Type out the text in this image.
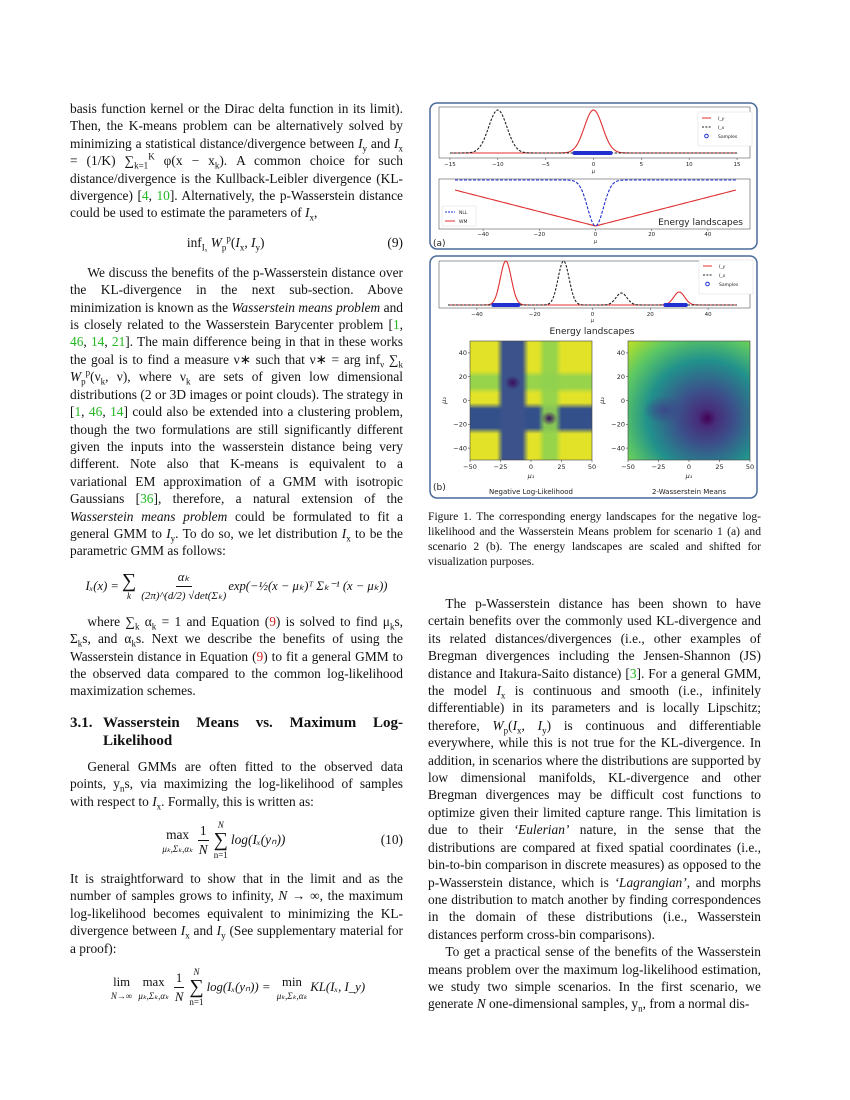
basis function kernel or the Dirac delta function in its limit). Then, the K-means problem can be alternatively solved by minimizing a statistical distance/divergence between $I_y$ and $I_x = (1/K)$ $\sum_{k=1}^K$ $\varphi(x - x_k)$. A common choice for such distance/divergence is the Kullback-Leibler divergence (KL-divergence) [4, 10]. Alternatively, the p-Wasserstein distance could be used to estimate the parameters of $I_x$,

inf$_{I_x}$ $W_p^p(I_x$, $I_y$)	(9)

We discuss the benefits of the p-Wasserstein distance over the KL-divergence in the next sub-section. Above minimization is known as the Wasserstein means problem and is closely related to the Wasserstein Barycenter problem [1, 46, 14, 21]. The main difference being in that in these works the goal is to find a measure ν∗ such that ν∗ = arg inf$_\nu$ $\sum_k$ $W_p^p(\nu_k$, ν), where $\nu_k$ are sets of given low dimensional distributions (2 or 3D images or point clouds). The strategy in [1, 46, 14] could also be extended into a clustering problem, though the two formulations are still significantly different given the inputs into the wasserstein distance being very different. Note also that K-means is equivalent to a variational EM approximation of a GMM with isotropic Gaussians [36], therefore, a natural extension of the Wasserstein means problem could be formulated to fit a general GMM to $I_y$. To do so, we let distribution $I_x$ to be the parametric GMM as follows:

Iₓ(x) = ∑
k $\frac{\text{αₖ}}{\text{(2π)\textasciicircum{}(d/2) √det(Σₖ)}}$ exp(−½(x − μₖ)ᵀ Σₖ⁻¹ (x − μₖ))

where $\sum_k$ $\alpha_k = 1$ and Equation (9) is solved to find $\mu_ks$, $\Sigma_ks$, and $\alpha_ks$. Next we describe the benefits of using the Wasserstein distance in Equation (9) to fit a general GMM to the observed data compared to the common log-likelihood maximization schemes.

3.1. Wasserstein Means vs. Maximum Log-Likelihood

General GMMs are often fitted to the observed data points, $y_ns$, via maximizing the log-likelihood of samples with respect to $I_x$. Formally, this is written as:

max
$\mu_k,\Sigma_k,\alpha_k \frac{1}{N}$ N
∑
n=1
log(Iₓ(yₙ))	(10)

It is straightforward to show that in the limit and as the number of samples grows to infinity, N → ∞, the maximum log-likelihood becomes equivalent to minimizing the KL-divergence between $I_x$ and $I_y$ (See supplementary material for a proof):

lim
N→∞
max
$\mu_k,\Sigma_k,\alpha_k \frac{1}{N}$ N
∑
n=1
log(Iₓ(yₙ)) = min
μₖ,Σₖ,αₖ
KL(Iₓ, I_y)
−15	−10	−5	0	5	10	15
μ
I_y
I_x
Samples
−40	−20	0	20	40
μ
NLL
WM	Energy landscapes
(a)
−40	−20	0	20	40
μ
I_y
I_x
Samples
Energy landscapes
−50
40
−25
20
0
0
25
−20
50
−40
μ₁
μ₂
−50
40
−25
20
0
0
25
−20
50
−40
μ₁
μ₂
(b)	Negative Log-Likelihood	2-Wasserstein Means

Figure 1. The corresponding energy landscapes for the negative log-likelihood and the Wasserstein Means problem for scenario 1 (a) and scenario 2 (b). The energy landscapes are scaled and shifted for visualization purposes.

The p-Wasserstein distance has been shown to have certain benefits over the commonly used KL-divergence and its related distances/divergences (i.e., other examples of Bregman divergences including the Jensen-Shannon (JS) distance and Itakura-Saito distance) [3]. For a general GMM, the model $I_x$ is continuous and smooth (i.e., infinitely differentiable) in its parameters and is locally Lipschitz; therefore, $W_p(I_x$, $I_y$) is continuous and differentiable everywhere, while this is not true for the KL-divergence. In addition, in scenarios where the distributions are supported by low dimensional manifolds, KL-divergence and other Bregman divergences may be difficult cost functions to optimize given their limited capture range. This limitation is due to their ‘Eulerian’ nature, in the sense that the distributions are compared at fixed spatial coordinates (i.e., bin-to-bin comparison in discrete measures) as opposed to the p-Wasserstein distance, which is ‘Lagrangian’, and morphs one distribution to match another by finding correspondences in the domain of these distributions (i.e., Wasserstein distances perform cross-bin comparisons).

To get a practical sense of the benefits of the Wasserstein means problem over the maximum log-likelihood estimation, we study two simple scenarios. In the first scenario, we generate N one-dimensional samples, $y_n$, from a normal dis-
